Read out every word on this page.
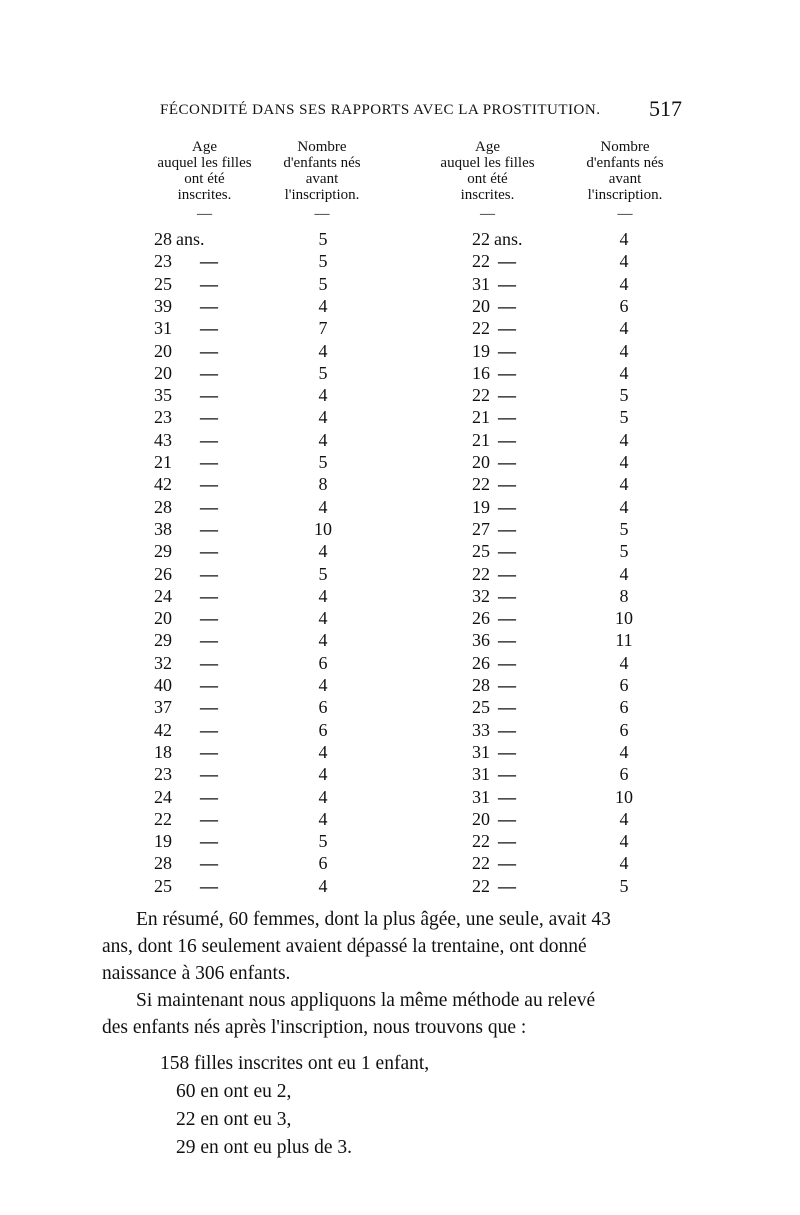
FÉCONDITÉ DANS SES RAPPORTS AVEC LA PROSTITUTION. 517
Age
auquel les filles
ont été
inscrites.
—
Nombre
d'enfants nés
avant
l'inscription.
—
Age
auquel les filles
ont été
inscrites.
—
Nombre
d'enfants nés
avant
l'inscription.
—
28 ans.	5
23 —	5
25 —	5
39 —	4
31 —	7
20 —	4
20 —	5
35 —	4
23 —	4
43 —	4
21 —	5
42 —	8
28 —	4
38 —	10
29 —	4
26 —	5
24 —	4
20 —	4
29 —	4
32 —	6
40 —	4
37 —	6
42 —	6
18 —	4
23 —	4
24 —	4
22 —	4
19 —	5
28 —	6
25 —	4
22 ans.	4
22 —	4
31 —	4
20 —	6
22 —	4
19 —	4
16 —	4
22 —	5
21 —	5
21 —	4
20 —	4
22 —	4
19 —	4
27 —	5
25 —	5
22 —	4
32 —	8
26 —	10
36 —	11
26 —	4
28 —	6
25 —	6
33 —	6
31 —	4
31 —	6
31 —	10
20 —	4
22 —	4
22 —	4
22 —	5
En résumé, 60 femmes, dont la plus âgée, une seule, avait 43
ans, dont 16 seulement avaient dépassé la trentaine, ont donné
naissance à 306 enfants.
Si maintenant nous appliquons la même méthode au relevé
des enfants nés après l'inscription, nous trouvons que :
158 filles inscrites ont eu 1 enfant,
60 en ont eu 2,
22 en ont eu 3,
29 en ont eu plus de 3.
